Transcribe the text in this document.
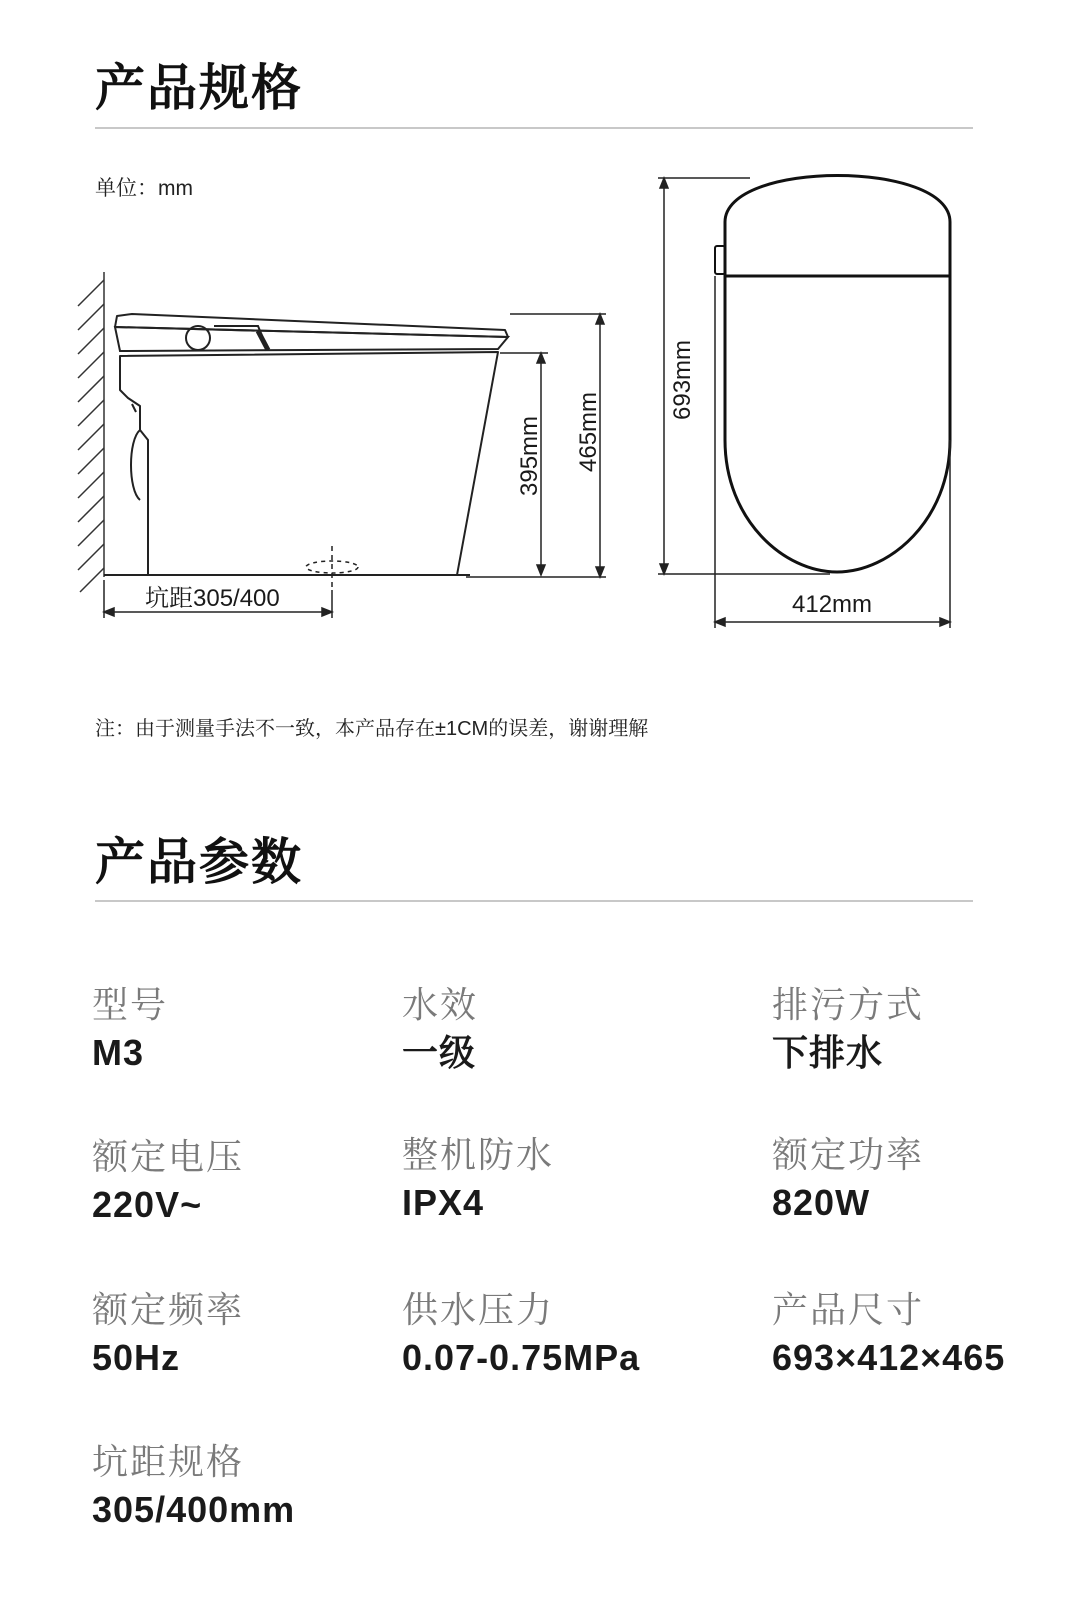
产品规格
单位：mm
坑距305/400
395mm 465mm
693mm
412mm
注：由于测量手法不一致，本产品存在±1CM的误差，谢谢理解
产品参数
型号
M3
水效
一级
排污方式
下排水
额定电压
220V~
整机防水
IPX4
额定功率
820W
额定频率
50Hz
供水压力
0.07-0.75MPa
产品尺寸
693×412×465
坑距规格
305/400mm
